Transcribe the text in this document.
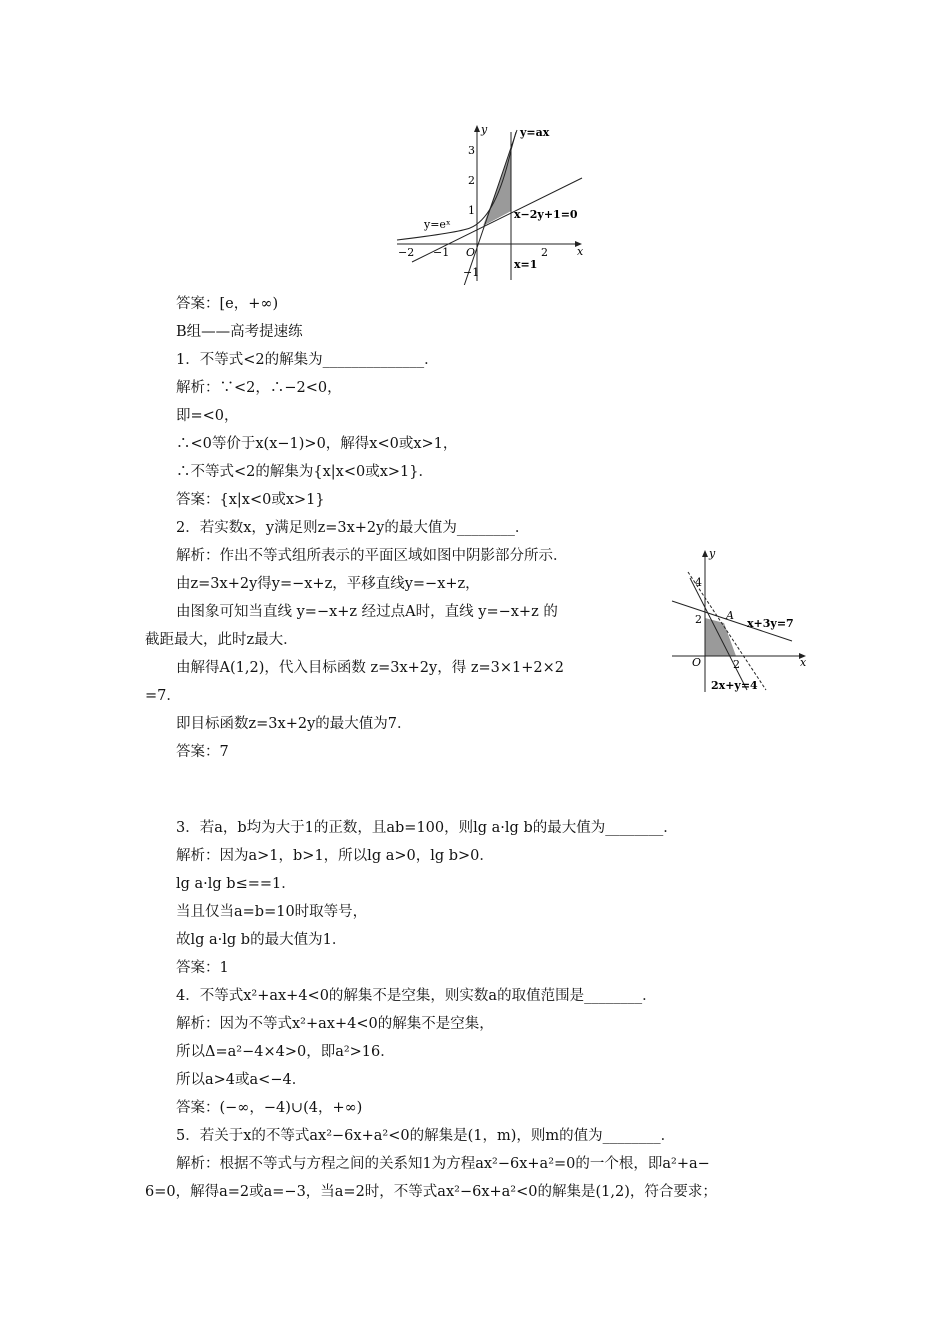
y
x
O
3
2
1
−1
−2 −1	2
y=eˣ
y=ax
x−2y+1=0
x=1
y
x
O
4
2
2
A
x+3y=7
2x+y=4
答案：[e，+∞)
B组——高考提速练
1．不等式<2的解集为______________．
解析：∵<2，∴−2<0，
即=<0，
∴<0等价于x(x−1)>0，解得x<0或x>1，
∴不等式<2的解集为{x|x<0或x>1}．
答案：{x|x<0或x>1}
2．若实数x，y满足则z=3x+2y的最大值为________．
解析：作出不等式组所表示的平面区域如图中阴影部分所示．
由z=3x+2y得y=−x+z，平移直线y=−x+z，
由图象可知当直线 y=−x+z 经过点A时，直线 y=−x+z 的
截距最大，此时z最大．
由解得A(1,2)，代入目标函数 z=3x+2y，得 z=3×1+2×2
=7．
即目标函数z=3x+2y的最大值为7．
答案：7
3．若a，b均为大于1的正数，且ab=100，则lg a·lg b的最大值为________．
解析：因为a>1，b>1，所以lg a>0，lg b>0．
lg a·lg b≤==1．
当且仅当a=b=10时取等号，
故lg a·lg b的最大值为1．
答案：1
4．不等式x²+ax+4<0的解集不是空集，则实数a的取值范围是________．
解析：因为不等式x²+ax+4<0的解集不是空集，
所以Δ=a²−4×4>0，即a²>16．
所以a>4或a<−4．
答案：(−∞，−4)∪(4，+∞)
5．若关于x的不等式ax²−6x+a²<0的解集是(1，m)，则m的值为________．
解析：根据不等式与方程之间的关系知1为方程ax²−6x+a²=0的一个根，即a²+a−
6=0，解得a=2或a=−3，当a=2时，不等式ax²−6x+a²<0的解集是(1,2)，符合要求；
